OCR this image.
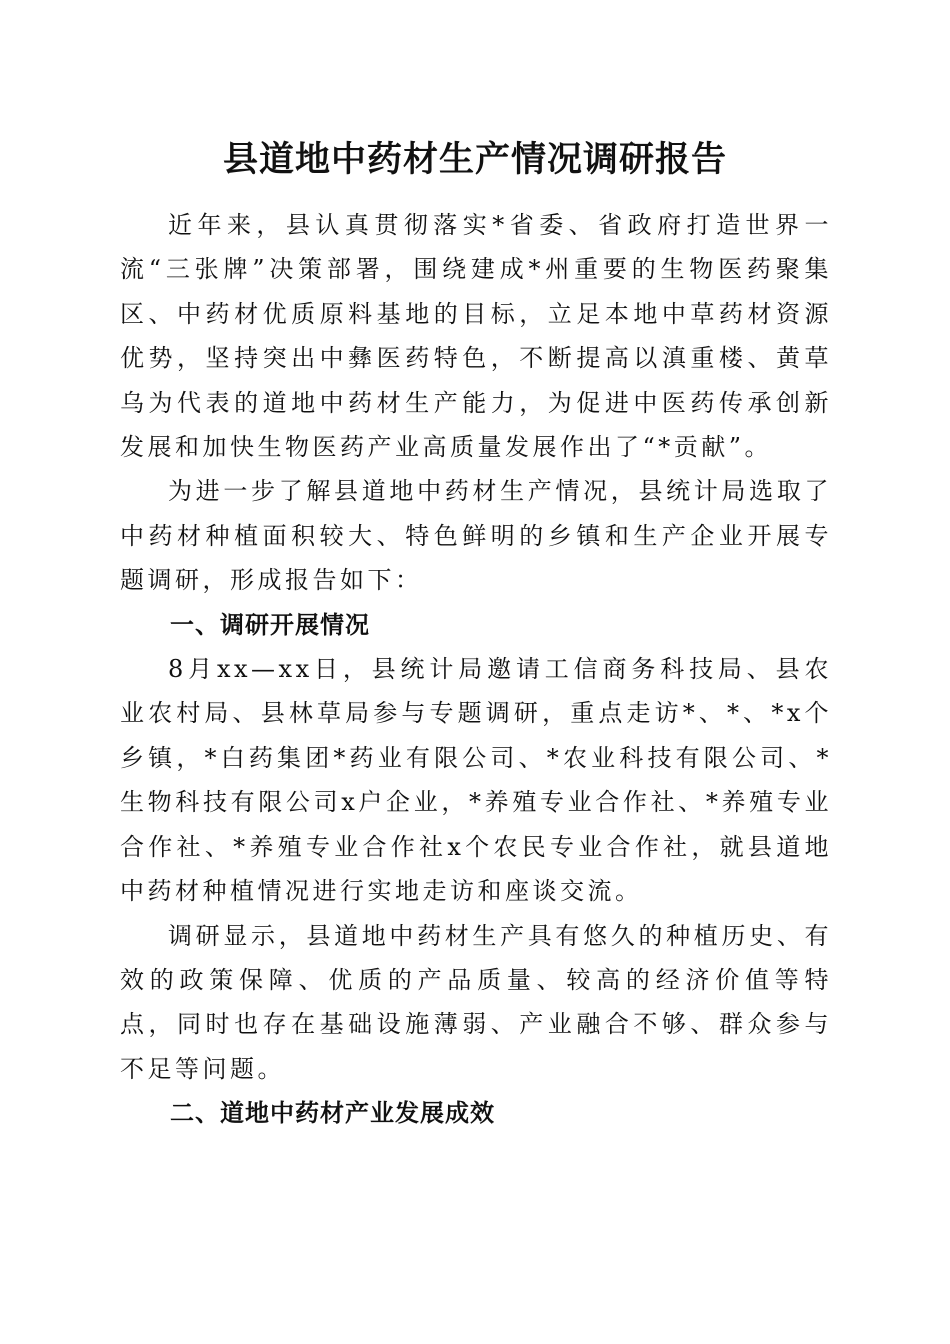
县道地中药材生产情况调研报告

近年来，县认真贯彻落实*省委、省政府打造世界一流“三张牌”决策部署，围绕建成*州重要的生物医药聚集区、中药材优质原料基地的目标，立足本地中草药材资源优势，坚持突出中彝医药特色，不断提高以滇重楼、黄草乌为代表的道地中药材生产能力，为促进中医药传承创新发展和加快生物医药产业高质量发展作出了“*贡献”。

为进一步了解县道地中药材生产情况，县统计局选取了中药材种植面积较大、特色鲜明的乡镇和生产企业开展专题调研，形成报告如下：

一、调研开展情况

8月xx—xx日，县统计局邀请工信商务科技局、县农业农村局、县林草局参与专题调研，重点走访*、*、*x个乡镇，*白药集团*药业有限公司、*农业科技有限公司、*生物科技有限公司x户企业，*养殖专业合作社、*养殖专业合作社、*养殖专业合作社x个农民专业合作社，就县道地中药材种植情况进行实地走访和座谈交流。

调研显示，县道地中药材生产具有悠久的种植历史、有效的政策保障、优质的产品质量、较高的经济价值等特点，同时也存在基础设施薄弱、产业融合不够、群众参与不足等问题。

二、道地中药材产业发展成效
